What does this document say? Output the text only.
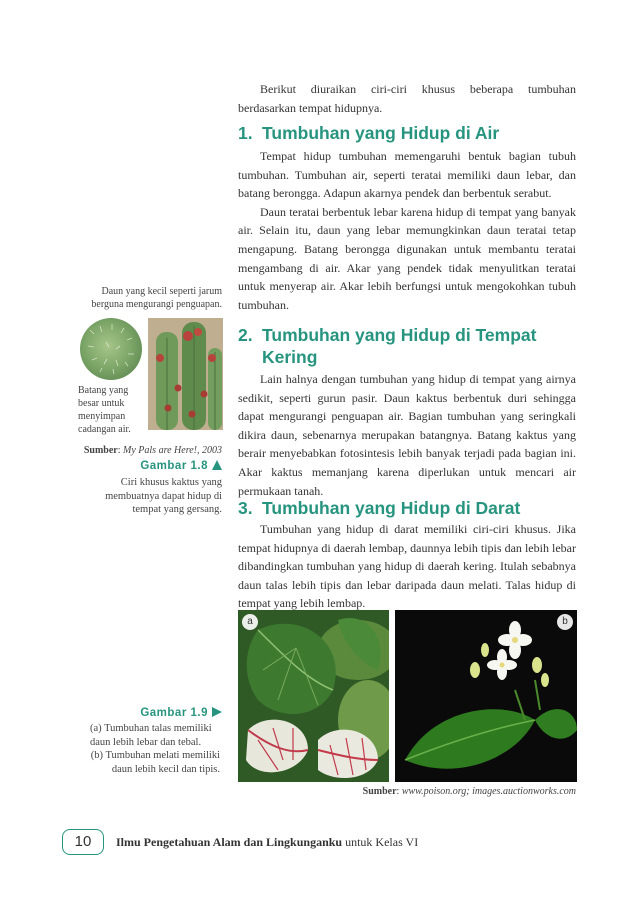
Berikut diuraikan ciri-ciri khusus beberapa tumbuhan berdasarkan tempat hidupnya.

1. Tumbuhan yang Hidup di Air

Tempat hidup tumbuhan memengaruhi bentuk bagian tubuh tumbuhan. Tumbuhan air, seperti teratai memiliki daun lebar, dan batang berongga. Adapun akarnya pendek dan berbentuk serabut.

Daun teratai berbentuk lebar karena hidup di tempat yang banyak air. Selain itu, daun yang lebar memungkinkan daun teratai tetap mengapung. Batang berongga digunakan untuk membantu teratai mengambang di air. Akar yang pendek tidak menyulitkan teratai untuk menyerap air. Akar lebih berfungsi untuk mengokohkan tubuh tumbuhan.

2. Tumbuhan yang Hidup di Tempat Kering

Lain halnya dengan tumbuhan yang hidup di tempat yang airnya sedikit, seperti gurun pasir. Daun kaktus berbentuk duri sehingga dapat mengurangi penguapan air. Bagian tumbuhan yang seringkali dikira daun, sebenarnya merupakan batangnya. Batang kaktus yang berair menyebabkan fotosintesis lebih banyak terjadi pada bagian ini. Akar kaktus memanjang karena diperlukan untuk mencari air permukaan tanah.

3. Tumbuhan yang Hidup di Darat

Tumbuhan yang hidup di darat memiliki ciri-ciri khusus. Jika tempat hidupnya di daerah lembap, daunnya lebih tipis dan lebih lebar dibandingkan tumbuhan yang hidup di daerah kering. Itulah sebabnya daun talas lebih tipis dan lebar daripada daun melati. Talas hidup di tempat yang lebih lembap.

Daun yang kecil seperti jarum berguna mengurangi penguapan.
Batang yang besar untuk menyimpan cadangan air.
Sumber: My Pals are Here!, 2003
Gambar 1.8
Ciri khusus kaktus yang membuatnya dapat hidup di tempat yang gersang.
a	b
Sumber: www.poison.org; images.auctionworks.com
Gambar 1.9
(a) Tumbuhan talas memiliki daun lebih lebar dan tebal.
(b) Tumbuhan melati memiliki daun lebih kecil dan tipis.
10	Ilmu Pengetahuan Alam dan Lingkunganku untuk Kelas VI
